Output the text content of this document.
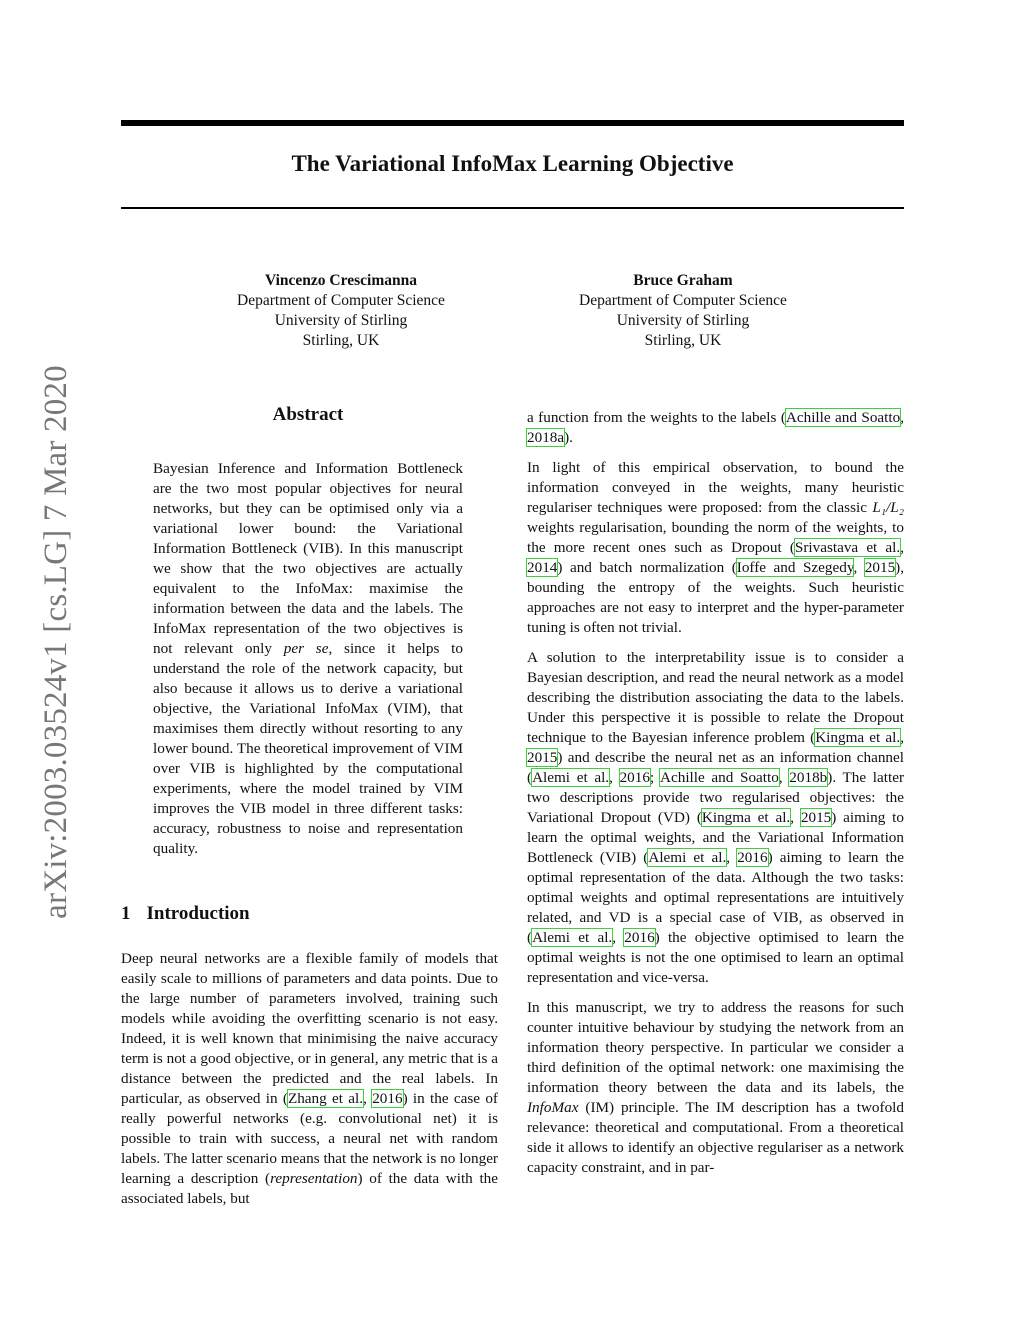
The Variational InfoMax Learning Objective
arXiv:2003.03524v1 [cs.LG] 7 Mar 2020
Vincenzo Crescimanna
Department of Computer Science
University of Stirling
Stirling, UK
Bruce Graham
Department of Computer Science
University of Stirling
Stirling, UK
Abstract
Bayesian Inference and Information Bottleneck are the two most popular objectives for neural networks, but they can be optimised only via a variational lower bound: the Variational Information Bottleneck (VIB). In this manuscript we show that the two objectives are actually equivalent to the InfoMax: maximise the information between the data and the labels. The InfoMax representation of the two objectives is not relevant only per se, since it helps to understand the role of the network capacity, but also because it allows us to derive a variational objective, the Variational InfoMax (VIM), that maximises them directly without resorting to any lower bound. The theoretical improvement of VIM over VIB is highlighted by the computational experiments, where the model trained by VIM improves the VIB model in three different tasks: accuracy, robustness to noise and representation quality.
1 Introduction

Deep neural networks are a flexible family of models that easily scale to millions of parameters and data points. Due to the large number of parameters involved, training such models while avoiding the overfitting scenario is not easy. Indeed, it is well known that minimising the naive accuracy term is not a good objective, or in general, any metric that is a distance between the predicted and the real labels. In particular, as observed in (Zhang et al., 2016) in the case of really powerful networks (e.g. convolutional net) it is possible to train with success, a neural net with random labels. The latter scenario means that the network is no longer learning a description (representation) of the data with the associated labels, but

a function from the weights to the labels (Achille and Soatto, 2018a).

In light of this empirical observation, to bound the information conveyed in the weights, many heuristic regulariser techniques were proposed: from the classic L₁/L₂ weights regularisation, bounding the norm of the weights, to the more recent ones such as Dropout (Srivastava et al., 2014) and batch normalization (Ioffe and Szegedy, 2015), bounding the entropy of the weights. Such heuristic approaches are not easy to interpret and the hyper-parameter tuning is often not trivial.

A solution to the interpretability issue is to consider a Bayesian description, and read the neural network as a model describing the distribution associating the data to the labels. Under this perspective it is possible to relate the Dropout technique to the Bayesian inference problem (Kingma et al., 2015) and describe the neural net as an information channel (Alemi et al., 2016; Achille and Soatto, 2018b). The latter two descriptions provide two regularised objectives: the Variational Dropout (VD) (Kingma et al., 2015) aiming to learn the optimal weights, and the Variational Information Bottleneck (VIB) (Alemi et al., 2016) aiming to learn the optimal representation of the data. Although the two tasks: optimal weights and optimal representations are intuitively related, and VD is a special case of VIB, as observed in (Alemi et al., 2016) the objective optimised to learn the optimal weights is not the one optimised to learn an optimal representation and vice-versa.

In this manuscript, we try to address the reasons for such counter intuitive behaviour by studying the network from an information theory perspective. In particular we consider a third definition of the optimal network: one maximising the information theory between the data and its labels, the InfoMax (IM) principle. The IM description has a twofold relevance: theoretical and computational. From a theoretical side it allows to identify an objective regulariser as a network capacity constraint, and in par-
